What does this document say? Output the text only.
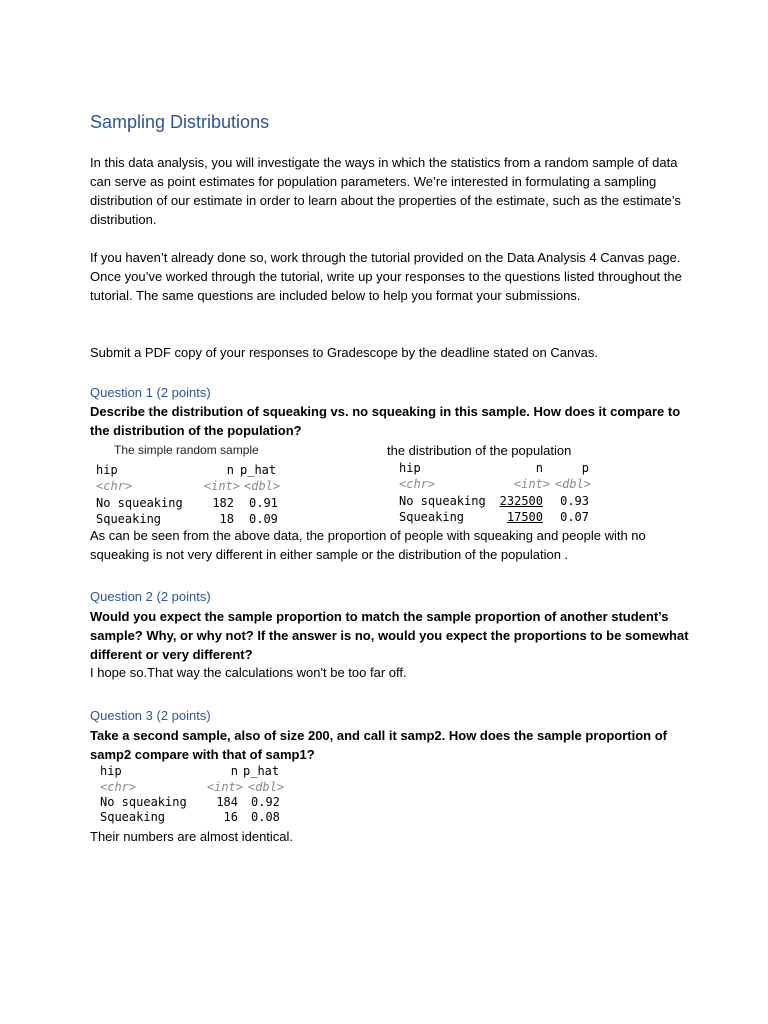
Sampling Distributions
In this data analysis, you will investigate the ways in which the statistics from a random sample of data can serve as point estimates for population parameters. We’re interested in formulating a sampling distribution of our estimate in order to learn about the properties of the estimate, such as the estimate’s distribution.
If you haven’t already done so, work through the tutorial provided on the Data Analysis 4 Canvas page. Once you’ve worked through the tutorial, write up your responses to the questions listed throughout the tutorial. The same questions are included below to help you format your submissions.
Submit a PDF copy of your responses to Gradescope by the deadline stated on Canvas.
Question 1 (2 points)
Describe the distribution of squeaking vs. no squeaking in this sample. How does it compare to the distribution of the population?
The simple random sample	the distribution of the population
hip	n p_hat
<chr>	<int> <dbl>
No squeaking 182 0.91
Squeaking	18 0.09
hip	n	p
<chr>	<int> <dbl>
No squeaking 232500 0.93
Squeaking	17500 0.07
As can be seen from the above data, the proportion of people with squeaking and people with no squeaking is not very different in either sample or the distribution of the population .
Question 2 (2 points)
Would you expect the sample proportion to match the sample proportion of another student’s sample? Why, or why not? If the answer is no, would you expect the proportions to be somewhat different or very different?
I hope so.That way the calculations won't be too far off.
Question 3 (2 points)
Take a second sample, also of size 200, and call it samp2. How does the sample proportion of samp2 compare with that of samp1?
hip	n p_hat
<chr>	<int> <dbl>
No squeaking 184 0.92
Squeaking	16 0.08
Their numbers are almost identical.
